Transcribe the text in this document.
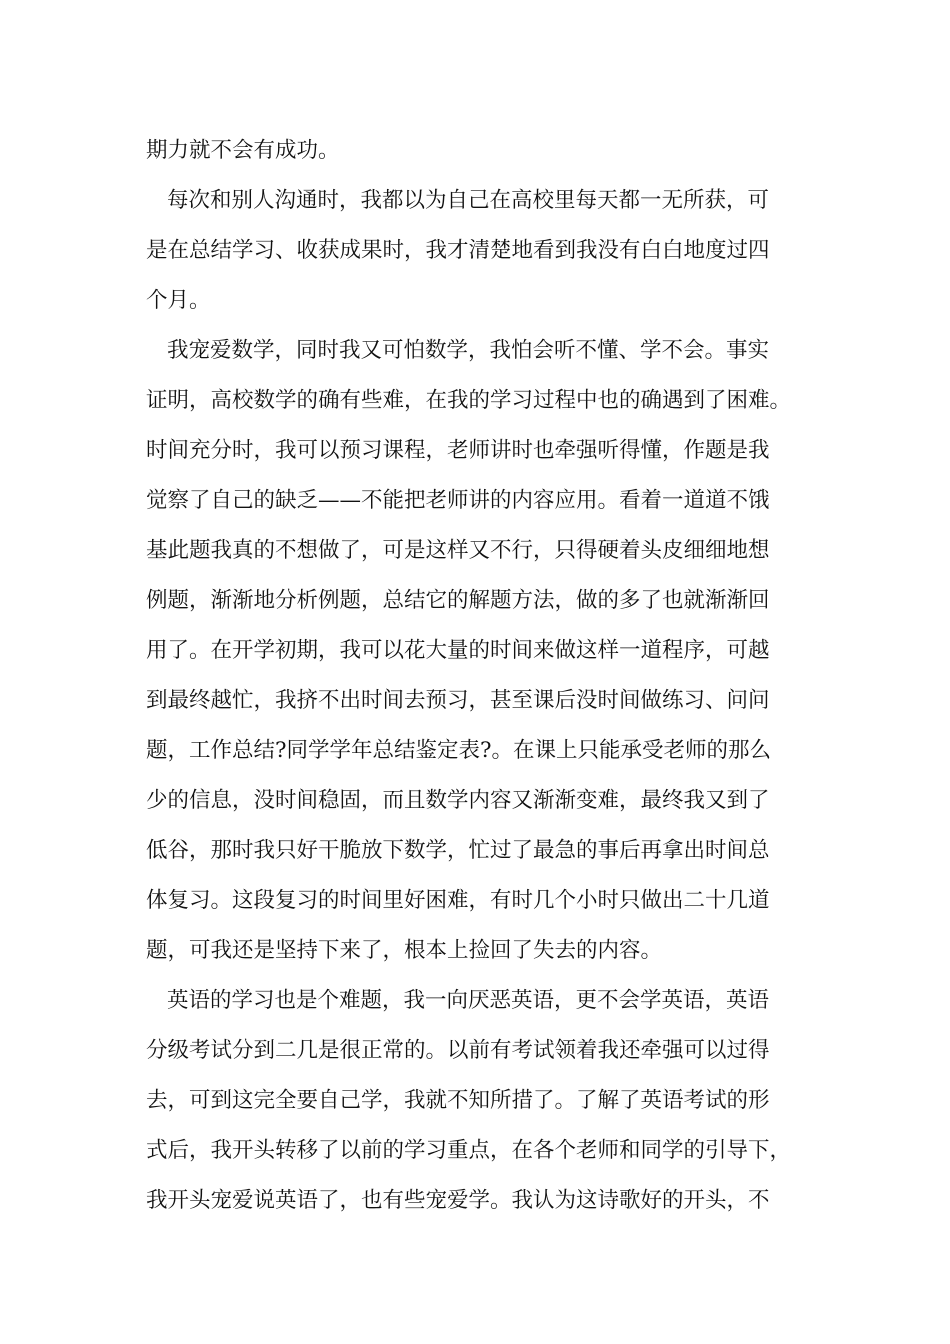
期力就不会有成功。
每次和别人沟通时，我都以为自己在高校里每天都一无所获，可
是在总结学习、收获成果时，我才清楚地看到我没有白白地度过四
个月。
我宠爱数学，同时我又可怕数学，我怕会听不懂、学不会。事实
证明，高校数学的确有些难，在我的学习过程中也的确遇到了困难。
时间充分时，我可以预习课程，老师讲时也牵强听得懂，作题是我
觉察了自己的缺乏——不能把老师讲的内容应用。看着一道道不饿
基此题我真的不想做了，可是这样又不行，只得硬着头皮细细地想
例题，渐渐地分析例题，总结它的解题方法，做的多了也就渐渐回
用了。在开学初期，我可以花大量的时间来做这样一道程序，可越
到最终越忙，我挤不出时间去预习，甚至课后没时间做练习、问问
题，工作总结?同学学年总结鉴定表?。在课上只能承受老师的那么
少的信息，没时间稳固，而且数学内容又渐渐变难，最终我又到了
低谷，那时我只好干脆放下数学，忙过了最急的事后再拿出时间总
体复习。这段复习的时间里好困难，有时几个小时只做出二十几道
题，可我还是坚持下来了，根本上捡回了失去的内容。
英语的学习也是个难题，我一向厌恶英语，更不会学英语，英语
分级考试分到二几是很正常的。以前有考试领着我还牵强可以过得
去，可到这完全要自己学，我就不知所措了。了解了英语考试的形
式后，我开头转移了以前的学习重点，在各个老师和同学的引导下，
我开头宠爱说英语了，也有些宠爱学。我认为这诗歌好的开头，不
